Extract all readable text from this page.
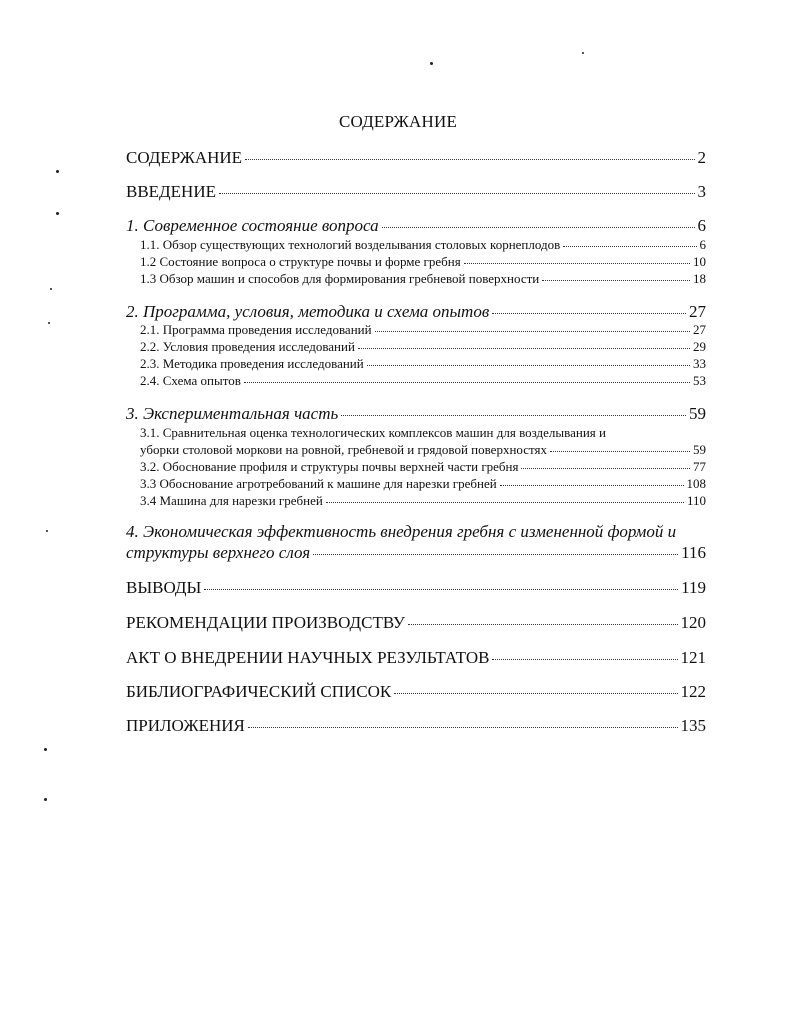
СОДЕРЖАНИЕ
СОДЕРЖАНИЕ	2
ВВЕДЕНИЕ	3
1. Современное состояние вопроса	6
1.1. Обзор существующих технологий возделывания столовых корнеплодов	6
1.2 Состояние вопроса о структуре почвы и форме гребня	10
1.3 Обзор машин и способов для формирования гребневой поверхности	18
2. Программа, условия, методика и схема опытов	27
2.1. Программа проведения исследований	27
2.2. Условия проведения исследований	29
2.3. Методика проведения исследований	33
2.4. Схема опытов	53
3. Экспериментальная часть	59
3.1. Сравнительная оценка технологических комплексов машин для возделывания и
уборки столовой моркови на ровной, гребневой и грядовой поверхностях	59
3.2. Обоснование профиля и структуры почвы верхней части гребня	77
3.3 Обоснование агротребований к машине для нарезки гребней	108
3.4 Машина для нарезки гребней	110
4. Экономическая эффективность внедрения гребня с измененной формой и
структуры верхнего слоя	116
ВЫВОДЫ	119
РЕКОМЕНДАЦИИ ПРОИЗВОДСТВУ	120
АКТ О ВНЕДРЕНИИ НАУЧНЫХ РЕЗУЛЬТАТОВ	121
БИБЛИОГРАФИЧЕСКИЙ СПИСОК	122
ПРИЛОЖЕНИЯ	135
